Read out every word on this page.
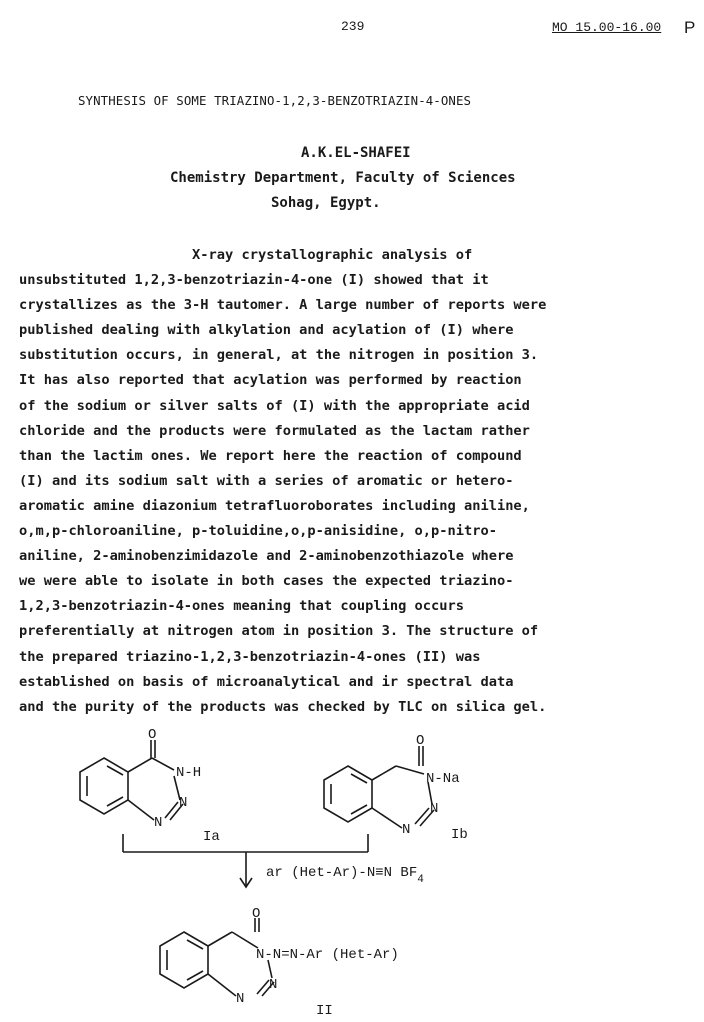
239	MO 15.00-16.00 P
SYNTHESIS OF SOME TRIAZINO-1,2,3-BENZOTRIAZIN-4-ONES
A.K.EL-SHAFEI
Chemistry Department, Faculty of Sciences
Sohag, Egypt.
X-ray crystallographic analysis of
unsubstituted 1,2,3-benzotriazin-4-one (I) showed that it
crystallizes as the 3-H tautomer. A large number of reports were
published dealing with alkylation and acylation of (I) where
substitution occurs, in general, at the nitrogen in position 3.
It has also reported that acylation was performed by reaction
of the sodium or silver salts of (I) with the appropriate acid
chloride and the products were formulated as the lactam rather
than the lactim ones. We report here the reaction of compound
(I) and its sodium salt with a series of aromatic or hetero-
aromatic amine diazonium tetrafluoroborates including aniline,
o,m,p-chloroaniline, p-toluidine,o,p-anisidine, o,p-nitro-
aniline, 2-aminobenzimidazole and 2-aminobenzothiazole where
we were able to isolate in both cases the expected triazino-
1,2,3-benzotriazin-4-ones meaning that coupling occurs
preferentially at nitrogen atom in position 3. The structure of
the prepared triazino-1,2,3-benzotriazin-4-ones (II) was
established on basis of microanalytical and ir spectral data
and the purity of the products was checked by TLC on silica gel.
O
N-H
N
N
Ia
O
N-Na
N
N	Ib
ar (Het-Ar)-N≡N $BF_4$
O
N-N=N-Ar (Het-Ar)
N
N
II
